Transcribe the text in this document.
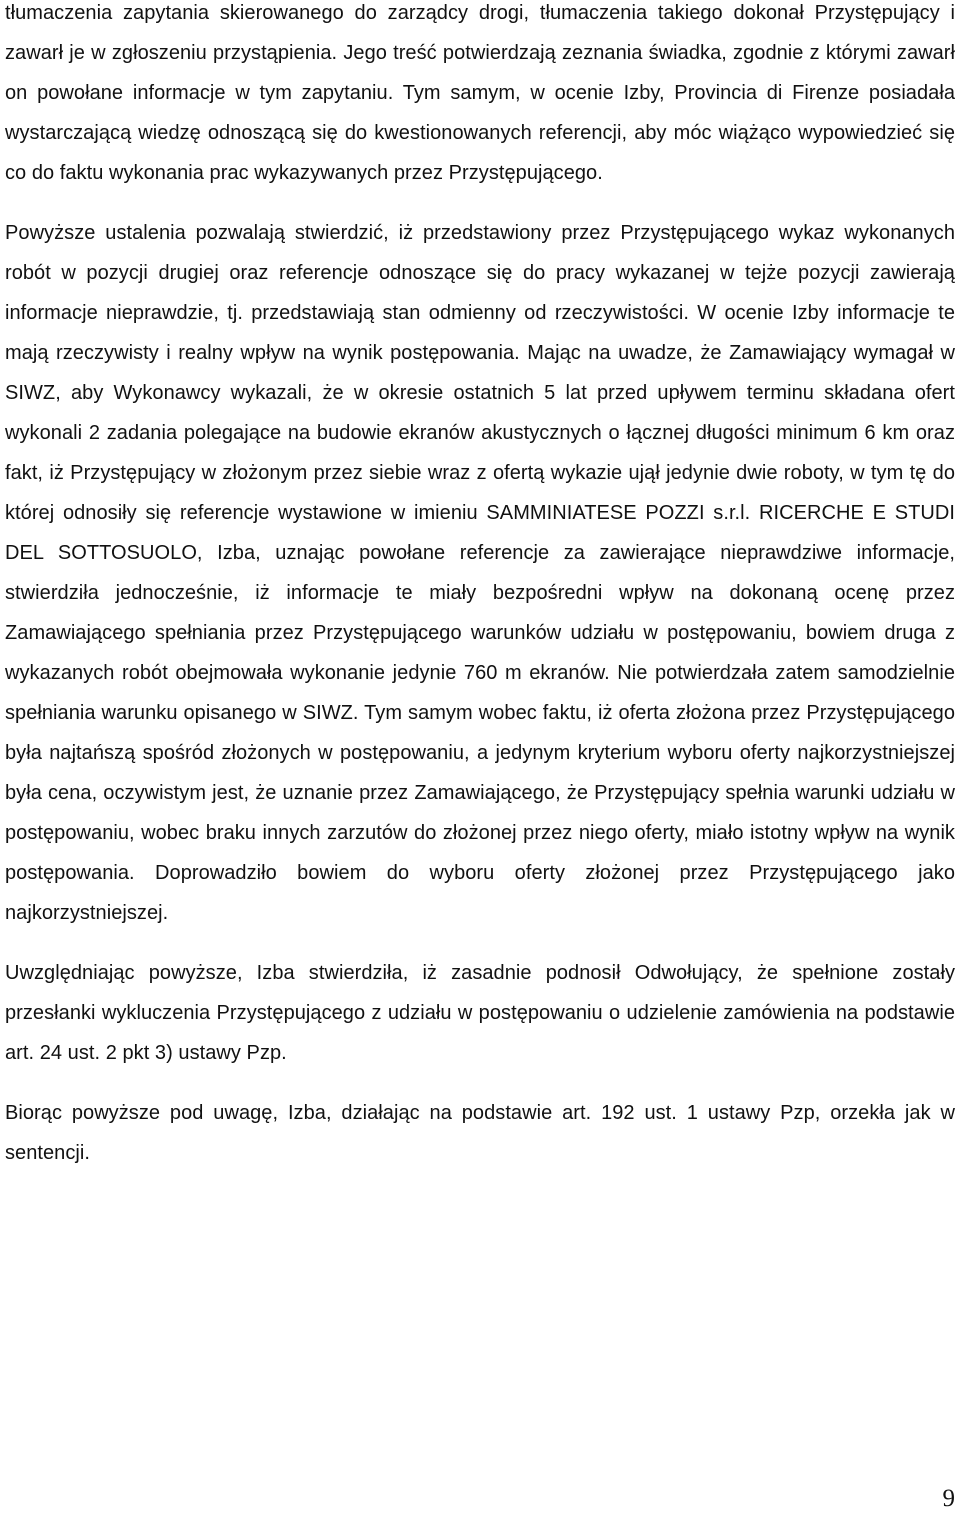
tłumaczenia zapytania skierowanego do zarządcy drogi, tłumaczenia takiego dokonał Przystępujący i zawarł je w zgłoszeniu przystąpienia. Jego treść potwierdzają zeznania świadka, zgodnie z którymi zawarł on powołane informacje w tym zapytaniu. Tym samym, w ocenie Izby, Provincia di Firenze posiadała wystarczającą wiedzę odnoszącą się do kwestionowanych referencji, aby móc wiążąco wypowiedzieć się co do faktu wykonania prac wykazywanych przez Przystępującego.

Powyższe ustalenia pozwalają stwierdzić, iż przedstawiony przez Przystępującego wykaz wykonanych robót w pozycji drugiej oraz referencje odnoszące się do pracy wykazanej w tejże pozycji zawierają informacje nieprawdzie, tj. przedstawiają stan odmienny od rzeczywistości. W ocenie Izby informacje te mają rzeczywisty i realny wpływ na wynik postępowania. Mając na uwadze, że Zamawiający wymagał w SIWZ, aby Wykonawcy wykazali, że w okresie ostatnich 5 lat przed upływem terminu składana ofert wykonali 2 zadania polegające na budowie ekranów akustycznych o łącznej długości minimum 6 km oraz fakt, iż Przystępujący w złożonym przez siebie wraz z ofertą wykazie ujął jedynie dwie roboty, w tym tę do której odnosiły się referencje wystawione w imieniu SAMMINIATESE POZZI s.r.l. RICERCHE E STUDI DEL SOTTOSUOLO, Izba, uznając powołane referencje za zawierające nieprawdziwe informacje, stwierdziła jednocześnie, iż informacje te miały bezpośredni wpływ na dokonaną ocenę przez Zamawiającego spełniania przez Przystępującego warunków udziału w postępowaniu, bowiem druga z wykazanych robót obejmowała wykonanie jedynie 760 m ekranów. Nie potwierdzała zatem samodzielnie spełniania warunku opisanego w SIWZ. Tym samym wobec faktu, iż oferta złożona przez Przystępującego była najtańszą spośród złożonych w postępowaniu, a jedynym kryterium wyboru oferty najkorzystniejszej była cena, oczywistym jest, że uznanie przez Zamawiającego, że Przystępujący spełnia warunki udziału w postępowaniu, wobec braku innych zarzutów do złożonej przez niego oferty, miało istotny wpływ na wynik postępowania. Doprowadziło bowiem do wyboru oferty złożonej przez Przystępującego jako najkorzystniejszej.

Uwzględniając powyższe, Izba stwierdziła, iż zasadnie podnosił Odwołujący, że spełnione zostały przesłanki wykluczenia Przystępującego z udziału w postępowaniu o udzielenie zamówienia na podstawie art. 24 ust. 2 pkt 3) ustawy Pzp.

Biorąc powyższe pod uwagę, Izba, działając na podstawie art. 192 ust. 1 ustawy Pzp, orzekła jak w sentencji.

9
